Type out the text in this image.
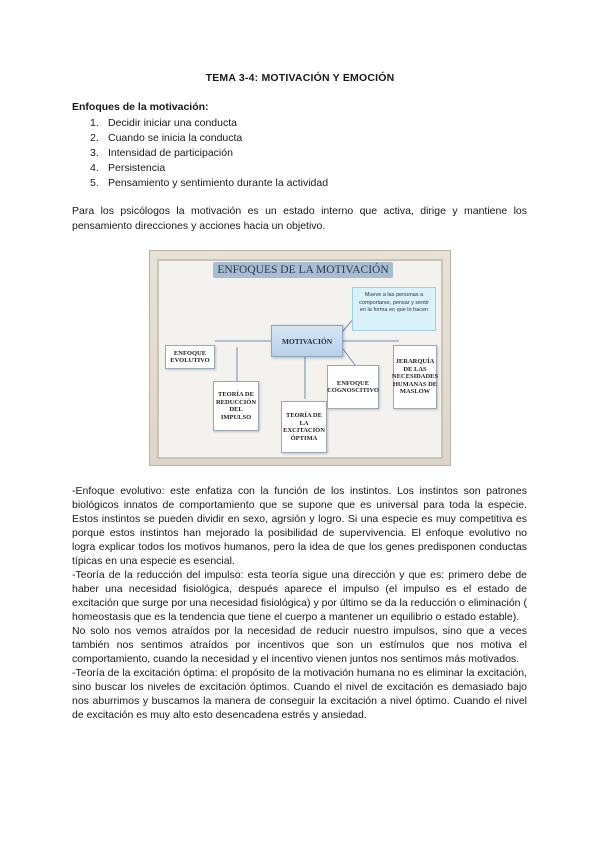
TEMA 3-4: MOTIVACIÓN Y EMOCIÓN
Enfoques de la motivación:
1. Decidir iniciar una conducta
2. Cuando se inicia la conducta
3. Intensidad de participación
4. Persistencia
5. Pensamiento y sentimiento durante la actividad

Para los psicólogos la motivación es un estado interno que activa, dirige y mantiene los pensamiento direcciones y acciones hacia un objetivo.

ENFOQUES DE LA MOTIVACIÓN
Mueve a las personas a comportarse, pensar y sentir en la forma en que lo hacen
MOTIVACIÓN
ENFOQUE EVOLUTIVO
TEORÍA DE REDUCCIÓN DEL IMPULSO	TEORÍA DE LA EXCITACIÓN ÓPTIMA
ENFOQUE COGNOSCITIVO
JERARQUÍA DE LAS NECESIDADES HUMANAS DE MASLOW

-Enfoque evolutivo: este enfatiza con la función de los instintos. Los instintos son patrones biológicos innatos de comportamiento que se supone que es universal para toda la especie. Estos instintos se pueden dividir en sexo, agrsión y logro. Si una especie es muy competitiva es porque estos instintos han mejorado la posibilidad de supervivencia. El enfoque evolutivo no logra explicar todos los motivos humanos, pero la idea de que los genes predisponen conductas típicas en una especie es esencial.

-Teoría de la reducción del impulso: esta teoría sigue una dirección y que es: primero debe de haber una necesidad fisiológica, después aparece el impulso (el impulso es el estado de excitación que surge por una necesidad fisiológica) y por último se da la reducción o eliminación ( homeostasis que es la tendencia que tiene el cuerpo a mantener un equilibrio o estado estable).

No solo nos vemos atraídos por la necesidad de reducir nuestro impulsos, sino que a veces también nos sentimos atraídos por incentivos que son un estímulos que nos motiva el comportamiento, cuando la necesidad y el incentivo vienen juntos nos sentimos más motivados.

-Teoría de la excitación óptima: el propósito de la motivación humana no es eliminar la excitación, sino buscar los niveles de excitación óptimos. Cuando el nivel de excitación es demasiado bajo nos aburrimos y buscamos la manera de conseguir la excitación a nivel óptimo. Cuando el nivel de excitación es muy alto esto desencadena estrés y ansiedad.
